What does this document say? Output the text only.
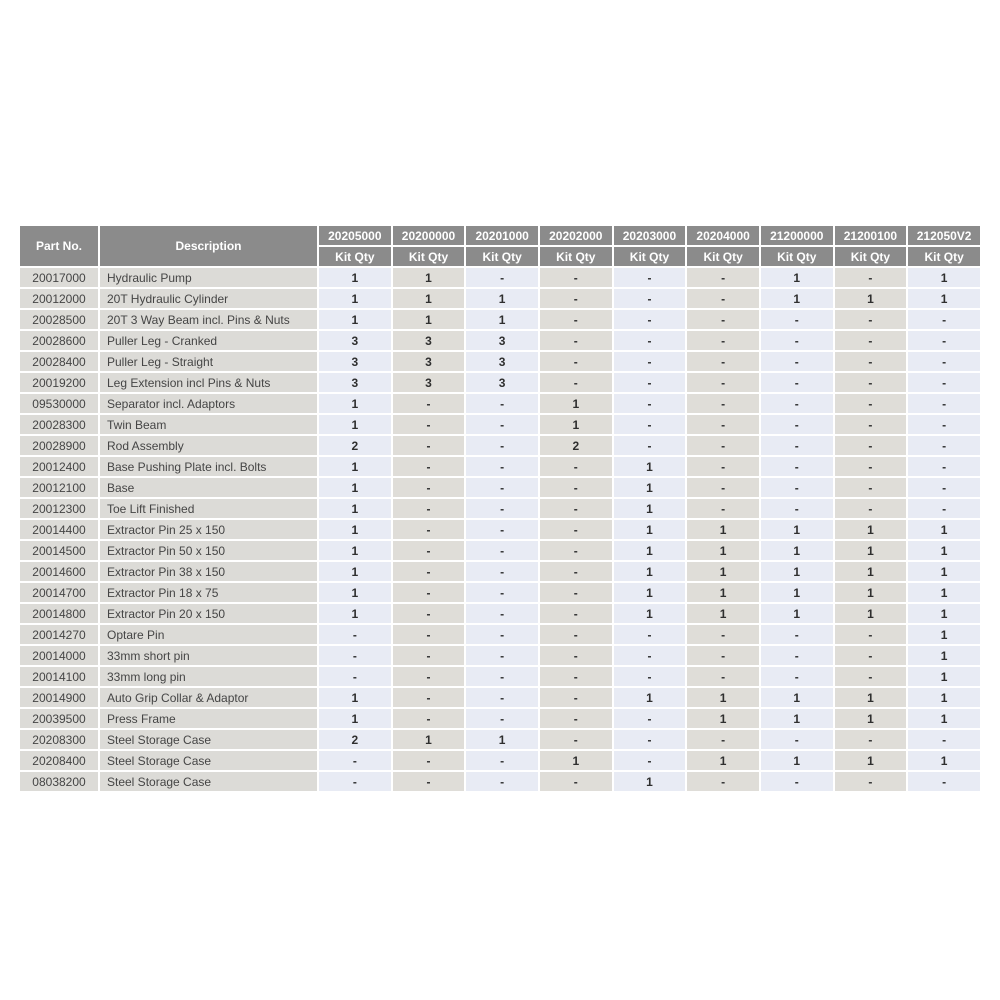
Part No.	Description	20205000	20200000	20201000	20202000	20203000	20204000	21200000	21200100	212050V2
		Kit Qty	Kit Qty	Kit Qty	Kit Qty	Kit Qty	Kit Qty	Kit Qty	Kit Qty	Kit Qty
20017000	Hydraulic Pump	1	1	-	-	-	-	1	-	1
20012000	20T Hydraulic Cylinder	1	1	1	-	-	-	1	1	1
20028500	20T 3 Way Beam incl. Pins & Nuts	1	1	1	-	-	-	-	-	-
20028600	Puller Leg - Cranked	3	3	3	-	-	-	-	-	-
20028400	Puller Leg - Straight	3	3	3	-	-	-	-	-	-
20019200	Leg Extension incl Pins & Nuts	3	3	3	-	-	-	-	-	-
09530000	Separator incl. Adaptors	1	-	-	1	-	-	-	-	-
20028300	Twin Beam	1	-	-	1	-	-	-	-	-
20028900	Rod Assembly	2	-	-	2	-	-	-	-	-
20012400	Base Pushing Plate incl. Bolts	1	-	-	-	1	-	-	-	-
20012100	Base	1	-	-	-	1	-	-	-	-
20012300	Toe Lift Finished	1	-	-	-	1	-	-	-	-
20014400	Extractor Pin 25 x 150	1	-	-	-	1	1	1	1	1
20014500	Extractor Pin 50 x 150	1	-	-	-	1	1	1	1	1
20014600	Extractor Pin 38 x 150	1	-	-	-	1	1	1	1	1
20014700	Extractor Pin 18 x 75	1	-	-	-	1	1	1	1	1
20014800	Extractor Pin 20 x 150	1	-	-	-	1	1	1	1	1
20014270	Optare Pin	-	-	-	-	-	-	-	-	1
20014000	33mm short pin	-	-	-	-	-	-	-	-	1
20014100	33mm long pin	-	-	-	-	-	-	-	-	1
20014900	Auto Grip Collar & Adaptor	1	-	-	-	1	1	1	1	1
20039500	Press Frame	1	-	-	-	-	1	1	1	1
20208300	Steel Storage Case	2	1	1	-	-	-	-	-	-
20208400	Steel Storage Case	-	-	-	1	-	1	1	1	1
08038200	Steel Storage Case	-	-	-	-	1	-	-	-	-
